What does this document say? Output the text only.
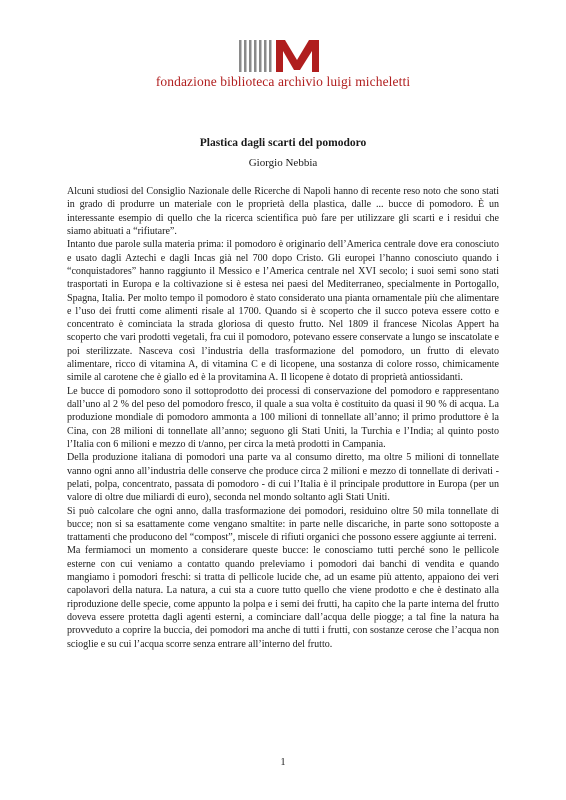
fondazione biblioteca archivio luigi micheletti
Plastica dagli scarti del pomodoro
Giorgio Nebbia

Alcuni studiosi del Consiglio Nazionale delle Ricerche di Napoli hanno di recente reso noto che sono stati in grado di produrre un materiale con le proprietà della plastica, dalle ... bucce di pomodoro. È un interessante esempio di quello che la ricerca scientifica può fare per utilizzare gli scarti e i residui che siamo abituati a “rifiutare”.

Intanto due parole sulla materia prima: il pomodoro è originario dell’America centrale dove era conosciuto e usato dagli Aztechi e dagli Incas già nel 700 dopo Cristo. Gli europei l’hanno conosciuto quando i “conquistadores” hanno raggiunto il Messico e l’America centrale nel XVI secolo; i suoi semi sono stati trasportati in Europa e la coltivazione si è estesa nei paesi del Mediterraneo, specialmente in Portogallo, Spagna, Italia. Per molto tempo il pomodoro è stato considerato una pianta ornamentale più che alimentare e l’uso dei frutti come alimenti risale al 1700. Quando si è scoperto che il succo poteva essere cotto e concentrato è cominciata la strada gloriosa di questo frutto. Nel 1809 il francese Nicolas Appert ha scoperto che vari prodotti vegetali, fra cui il pomodoro, potevano essere conservate a lungo se inscatolate e poi sterilizzate. Nasceva così l’industria della trasformazione del pomodoro, un frutto di elevato alimentare, ricco di vitamina A, di vitamina C e di licopene, una sostanza di colore rosso, chimicamente simile al carotene che è giallo ed è la provitamina A. Il licopene è dotato di proprietà antiossidanti.

Le bucce di pomodoro sono il sottoprodotto dei processi di conservazione del pomodoro e rappresentano dall’uno al 2 % del peso del pomodoro fresco, il quale a sua volta è costituito da quasi il 90 % di acqua. La produzione mondiale di pomodoro ammonta a 100 milioni di tonnellate all’anno; il primo produttore è la Cina, con 28 milioni di tonnellate all’anno; seguono gli Stati Uniti, la Turchia e l’India; al quinto posto l’Italia con 6 milioni e mezzo di t/anno, per circa la metà prodotti in Campania.

Della produzione italiana di pomodori una parte va al consumo diretto, ma oltre 5 milioni di tonnellate vanno ogni anno all’industria delle conserve che produce circa 2 milioni e mezzo di tonnellate di derivati - pelati, polpa, concentrato, passata di pomodoro - di cui l’Italia è il principale produttore in Europa (per un valore di oltre due miliardi di euro), seconda nel mondo soltanto agli Stati Uniti.

Si può calcolare che ogni anno, dalla trasformazione dei pomodori, residuino oltre 50 mila tonnellate di bucce; non si sa esattamente come vengano smaltite: in parte nelle discariche, in parte sono sottoposte a trattamenti che producono del “compost”, miscele di rifiuti organici che possono essere aggiunte ai terreni.

Ma fermiamoci un momento a considerare queste bucce: le conosciamo tutti perché sono le pellicole esterne con cui veniamo a contatto quando preleviamo i pomodori dai banchi di vendita e quando mangiamo i pomodori freschi: si tratta di pellicole lucide che, ad un esame più attento, appaiono dei veri capolavori della natura. La natura, a cui sta a cuore tutto quello che viene prodotto e che è destinato alla riproduzione delle specie, come appunto la polpa e i semi dei frutti, ha capito che la parte interna del frutto doveva essere protetta dagli agenti esterni, a cominciare dall’acqua delle piogge; a tal fine la natura ha provveduto a coprire la buccia, dei pomodori ma anche di tutti i frutti, con sostanze cerose che l’acqua non scioglie e su cui l’acqua scorre senza entrare all’interno del frutto.

1
